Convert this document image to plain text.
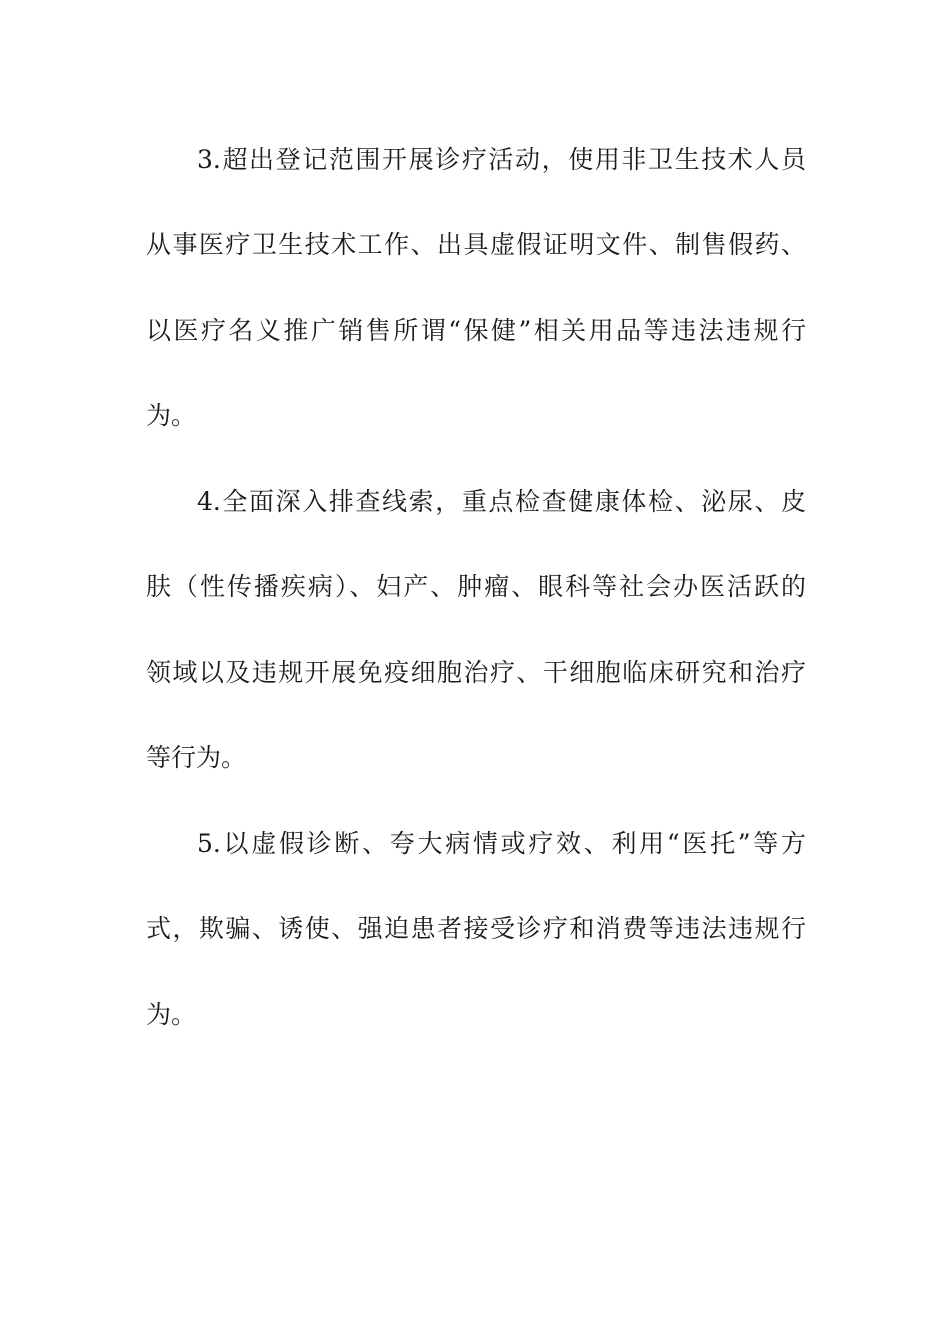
3.超出登记范围开展诊疗活动，使用非卫生技术人员
从事医疗卫生技术工作、出具虚假证明文件、制售假药、
以医疗名义推广销售所谓“保健”相关用品等违法违规行
为。
4.全面深入排查线索，重点检查健康体检、泌尿、皮
肤（性传播疾病）、妇产、肿瘤、眼科等社会办医活跃的
领域以及违规开展免疫细胞治疗、干细胞临床研究和治疗
等行为。
5.以虚假诊断、夸大病情或疗效、利用“医托”等方
式，欺骗、诱使、强迫患者接受诊疗和消费等违法违规行
为。
